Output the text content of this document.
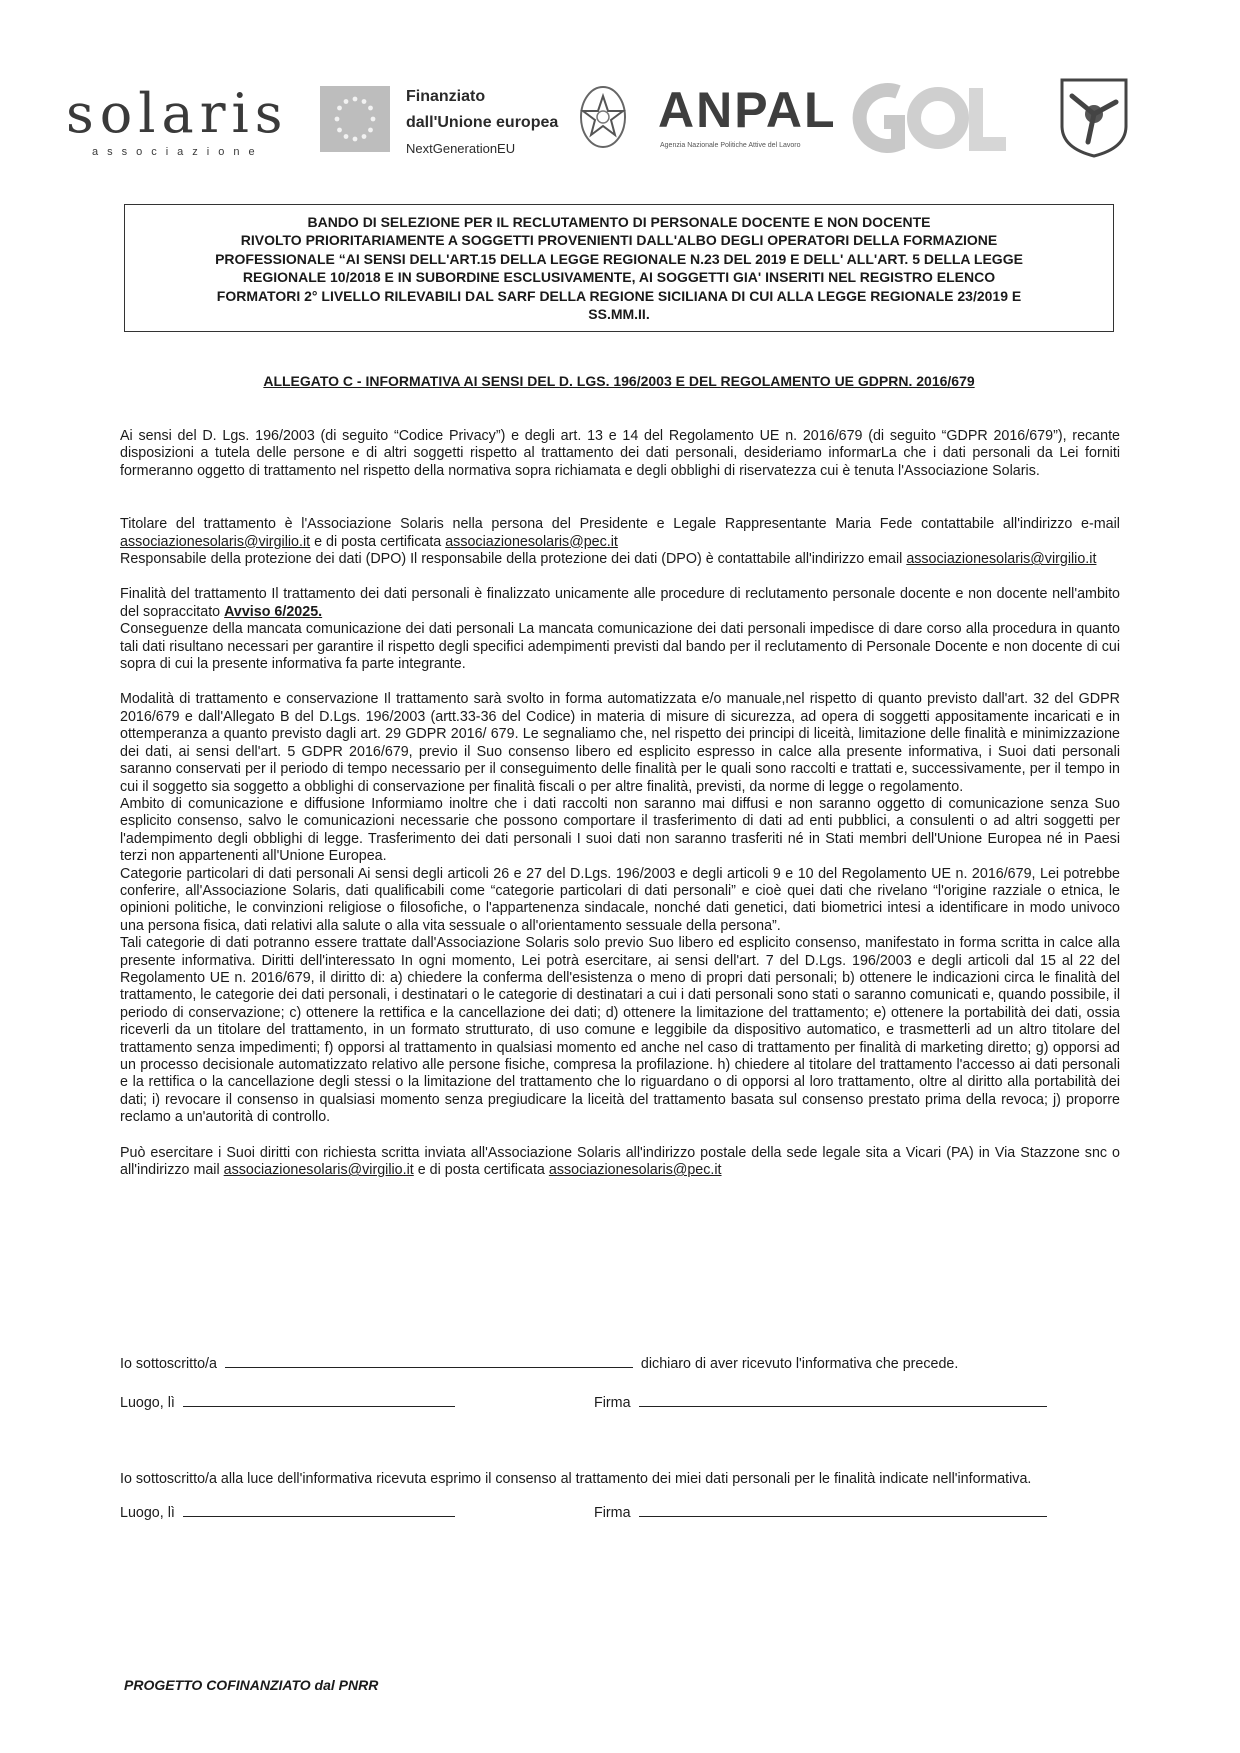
solaris
associazione
Finanziato
dall'Unione europea
NextGenerationEU
ANPAL
Agenzia Nazionale Politiche Attive del Lavoro
BANDO DI SELEZIONE PER IL RECLUTAMENTO DI PERSONALE DOCENTE E NON DOCENTE
RIVOLTO PRIORITARIAMENTE A SOGGETTI PROVENIENTI DALL'ALBO DEGLI OPERATORI DELLA FORMAZIONE
PROFESSIONALE “AI SENSI DELL'ART.15 DELLA LEGGE REGIONALE N.23 DEL 2019 E DELL' ALL'ART. 5 DELLA LEGGE
REGIONALE 10/2018 E IN SUBORDINE ESCLUSIVAMENTE, AI SOGGETTI GIA' INSERITI NEL REGISTRO ELENCO
FORMATORI 2° LIVELLO RILEVABILI DAL SARF DELLA REGIONE SICILIANA DI CUI ALLA LEGGE REGIONALE 23/2019 E
SS.MM.II.
ALLEGATO C - INFORMATIVA AI SENSI DEL D. LGS. 196/2003 E DEL REGOLAMENTO UE GDPRN. 2016/679

Ai sensi del D. Lgs. 196/2003 (di seguito “Codice Privacy”) e degli art. 13 e 14 del Regolamento UE n. 2016/679 (di seguito “GDPR 2016/679”), recante disposizioni a tutela delle persone e di altri soggetti rispetto al trattamento dei dati personali, desideriamo informarLa che i dati personali da Lei forniti formeranno oggetto di trattamento nel rispetto della normativa sopra richiamata e degli obblighi di riservatezza cui è tenuta l'Associazione Solaris.

Titolare del trattamento è l'Associazione Solaris nella persona del Presidente e Legale Rappresentante Maria Fede contattabile all'indirizzo e-mail associazionesolaris@virgilio.it e di posta certificata associazionesolaris@pec.it

Responsabile della protezione dei dati (DPO) Il responsabile della protezione dei dati (DPO) è contattabile all'indirizzo email associazionesolaris@virgilio.it

Finalità del trattamento Il trattamento dei dati personali è finalizzato unicamente alle procedure di reclutamento personale docente e non docente nell'ambito del sopraccitato Avviso 6/2025.

Conseguenze della mancata comunicazione dei dati personali La mancata comunicazione dei dati personali impedisce di dare corso alla procedura in quanto tali dati risultano necessari per garantire il rispetto degli specifici adempimenti previsti dal bando per il reclutamento di Personale Docente e non docente di cui sopra di cui la presente informativa fa parte integrante.

Modalità di trattamento e conservazione Il trattamento sarà svolto in forma automatizzata e/o manuale,nel rispetto di quanto previsto dall'art. 32 del GDPR 2016/679 e dall'Allegato B del D.Lgs. 196/2003 (artt.33-36 del Codice) in materia di misure di sicurezza, ad opera di soggetti appositamente incaricati e in ottemperanza a quanto previsto dagli art. 29 GDPR 2016/ 679. Le segnaliamo che, nel rispetto dei principi di liceità, limitazione delle finalità e minimizzazione dei dati, ai sensi dell'art. 5 GDPR 2016/679, previo il Suo consenso libero ed esplicito espresso in calce alla presente informativa, i Suoi dati personali saranno conservati per il periodo di tempo necessario per il conseguimento delle finalità per le quali sono raccolti e trattati e, successivamente, per il tempo in cui il soggetto sia soggetto a obblighi di conservazione per finalità fiscali o per altre finalità, previsti, da norme di legge o regolamento.

Ambito di comunicazione e diffusione Informiamo inoltre che i dati raccolti non saranno mai diffusi e non saranno oggetto di comunicazione senza Suo esplicito consenso, salvo le comunicazioni necessarie che possono comportare il trasferimento di dati ad enti pubblici, a consulenti o ad altri soggetti per l'adempimento degli obblighi di legge. Trasferimento dei dati personali I suoi dati non saranno trasferiti né in Stati membri dell'Unione Europea né in Paesi terzi non appartenenti all'Unione Europea.

Categorie particolari di dati personali Ai sensi degli articoli 26 e 27 del D.Lgs. 196/2003 e degli articoli 9 e 10 del Regolamento UE n. 2016/679, Lei potrebbe conferire, all'Associazione Solaris, dati qualificabili come “categorie particolari di dati personali” e cioè quei dati che rivelano “l'origine razziale o etnica, le opinioni politiche, le convinzioni religiose o filosofiche, o l'appartenenza sindacale, nonché dati genetici, dati biometrici intesi a identificare in modo univoco una persona fisica, dati relativi alla salute o alla vita sessuale o all'orientamento sessuale della persona”.

Tali categorie di dati potranno essere trattate dall'Associazione Solaris solo previo Suo libero ed esplicito consenso, manifestato in forma scritta in calce alla presente informativa. Diritti dell'interessato In ogni momento, Lei potrà esercitare, ai sensi dell'art. 7 del D.Lgs. 196/2003 e degli articoli dal 15 al 22 del Regolamento UE n. 2016/679, il diritto di: a) chiedere la conferma dell'esistenza o meno di propri dati personali; b) ottenere le indicazioni circa le finalità del trattamento, le categorie dei dati personali, i destinatari o le categorie di destinatari a cui i dati personali sono stati o saranno comunicati e, quando possibile, il periodo di conservazione; c) ottenere la rettifica e la cancellazione dei dati; d) ottenere la limitazione del trattamento; e) ottenere la portabilità dei dati, ossia riceverli da un titolare del trattamento, in un formato strutturato, di uso comune e leggibile da dispositivo automatico, e trasmetterli ad un altro titolare del trattamento senza impedimenti; f) opporsi al trattamento in qualsiasi momento ed anche nel caso di trattamento per finalità di marketing diretto; g) opporsi ad un processo decisionale automatizzato relativo alle persone fisiche, compresa la profilazione. h) chiedere al titolare del trattamento l'accesso ai dati personali e la rettifica o la cancellazione degli stessi o la limitazione del trattamento che lo riguardano o di opporsi al loro trattamento, oltre al diritto alla portabilità dei dati; i) revocare il consenso in qualsiasi momento senza pregiudicare la liceità del trattamento basata sul consenso prestato prima della revoca; j) proporre reclamo a un'autorità di controllo.

Può esercitare i Suoi diritti con richiesta scritta inviata all'Associazione Solaris all'indirizzo postale della sede legale sita a Vicari (PA) in Via Stazzone snc o all'indirizzo mail associazionesolaris@virgilio.it e di posta certificata associazionesolaris@pec.it

Io sottoscritto/a	dichiaro di aver ricevuto l'informativa che precede.
Luogo, lì	Firma
Io sottoscritto/a alla luce dell'informativa ricevuta esprimo il consenso al trattamento dei miei dati personali per le finalità indicate nell'informativa.
Luogo, lì	Firma
PROGETTO COFINANZIATO dal PNRR
